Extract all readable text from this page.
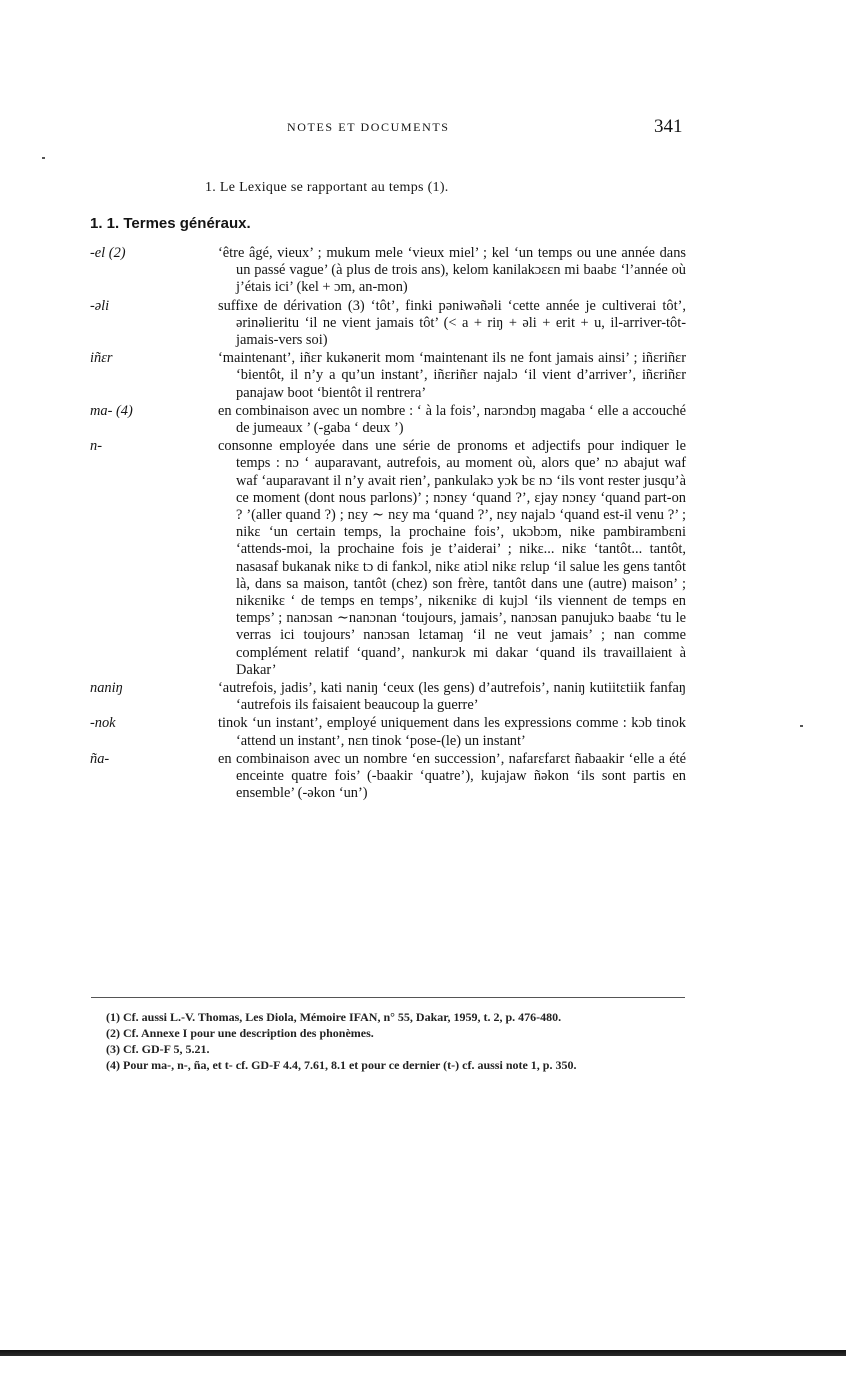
NOTES ET DOCUMENTS	341
1. Le Lexique se rapportant au temps (1).
1. 1. Termes généraux.
-el (2)	‘être âgé, vieux’ ; mukum mele ‘vieux miel’ ; kel ‘un temps ou une année dans un passé vague’ (à plus de trois ans), kelom kanilakɔɛɛn mi baabɛ ‘l’année où j’étais ici’ (kel + ɔm, an-mon)
-əli	suffixe de dérivation (3) ‘tôt’, finki pəniwəñəli ‘cette année je cultiverai tôt’, ərinəlieritu ‘il ne vient jamais tôt’ (< a + riŋ + əli + erit + u, il-arriver-tôt-jamais-vers soi)
iñɛr	‘maintenant’, iñɛr kukənerit mom ‘maintenant ils ne font jamais ainsi’ ; iñɛriñɛr ‘bientôt, il n’y a qu’un instant’, iñɛriñɛr najalɔ ‘il vient d’arriver’, iñɛriñɛr panajaw boot ‘bientôt il rentrera’
ma- (4)	en combinaison avec un nombre : ‘ à la fois’, narɔndɔŋ magaba ‘ elle a accouché de jumeaux ’ (-gaba ‘ deux ’)
n-	consonne employée dans une série de pronoms et adjectifs pour indiquer le temps : nɔ ‘ auparavant, autrefois, au moment où, alors que’ nɔ abajut waf waf ‘auparavant il n’y avait rien’, pankulakɔ yɔk bɛ nɔ ‘ils vont rester jusqu’à ce moment (dont nous parlons)’ ; nɔnɛy ‘quand ?’, ɛjay nɔnɛy ‘quand part-on ? ’(aller quand ?) ; nɛy ∼ nɛy ma ‘quand ?’, nɛy najalɔ ‘quand est-il venu ?’ ; nikɛ ‘un certain temps, la prochaine fois’, ukɔbɔm, nike pambirambɛni ‘attends-moi, la prochaine fois je t’aiderai’ ; nikɛ... nikɛ ‘tantôt... tantôt, nasasaf bukanak nikɛ tɔ di fankɔl, nikɛ atiɔl nikɛ rɛlup ‘il salue les gens tantôt là, dans sa maison, tantôt (chez) son frère, tantôt dans une (autre) maison’ ; nikɛnikɛ ‘ de temps en temps’, nikɛnikɛ di kujɔl ‘ils viennent de temps en temps’ ; nanɔsan ∼nanɔnan ‘toujours, jamais’, nanɔsan panujukɔ baabɛ ‘tu le verras ici toujours’ nanɔsan lɛtamaŋ ‘il ne veut jamais’ ; nan comme complément relatif ‘quand’, nankurɔk mi dakar ‘quand ils travaillaient à Dakar’
naniŋ	‘autrefois, jadis’, kati naniŋ ‘ceux (les gens) d’autrefois’, naniŋ kutiitɛtiik fanfaŋ ‘autrefois ils faisaient beaucoup la guerre’
-nok	tinok ‘un instant’, employé uniquement dans les expressions comme : kɔb tinok ‘attend un instant’, nɛn tinok ‘pose-(le) un instant’
ña-	en combinaison avec un nombre ‘en succession’, nafarɛfarɛt ñabaakir ‘elle a été enceinte quatre fois’ (-baakir ‘quatre’), kujajaw ñəkon ‘ils sont partis en ensemble’ (-əkon ‘un’)
(1) Cf. aussi L.-V. Thomas, Les Diola, Mémoire IFAN, n° 55, Dakar, 1959, t. 2, p. 476-480.
(2) Cf. Annexe I pour une description des phonèmes.
(3) Cf. GD-F 5, 5.21.
(4) Pour ma-, n-, ña, et t- cf. GD-F 4.4, 7.61, 8.1 et pour ce dernier (t-) cf. aussi note 1, p. 350.
